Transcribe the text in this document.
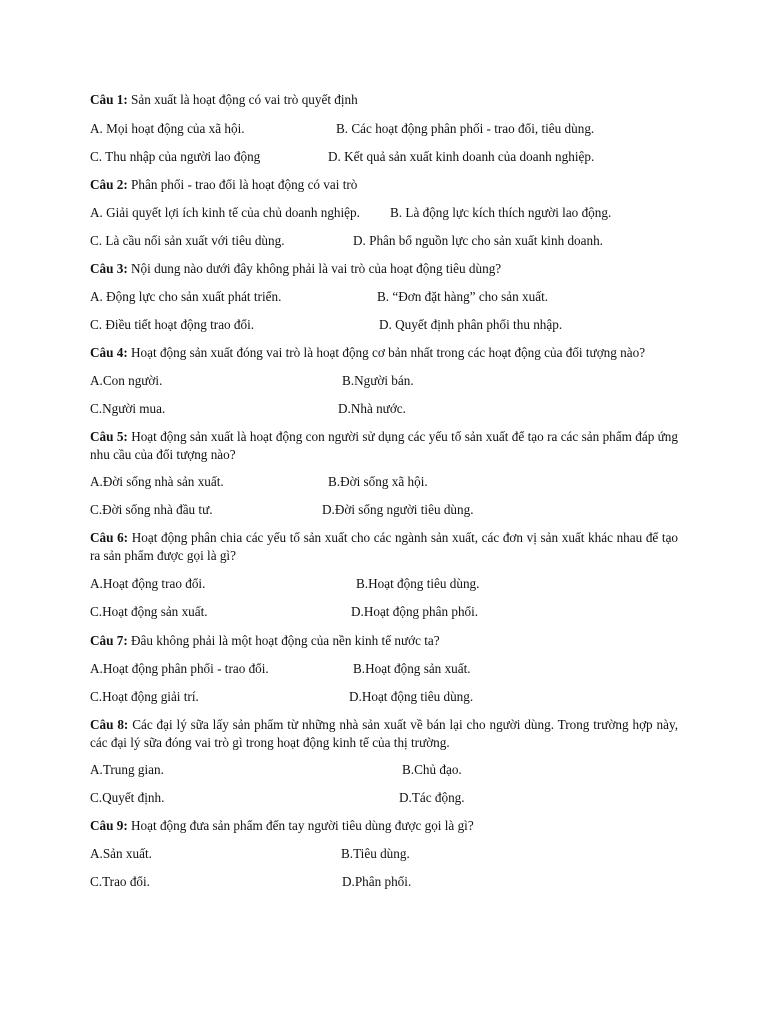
Câu 1: Sản xuất là hoạt động có vai trò quyết định
A. Mọi hoạt động của xã hội.	B. Các hoạt động phân phối - trao đổi, tiêu dùng.
C. Thu nhập của người lao động	D. Kết quả sản xuất kinh doanh của doanh nghiệp.
Câu 2: Phân phối - trao đổi là hoạt động có vai trò
A. Giải quyết lợi ích kinh tế của chủ doanh nghiệp. B. Là động lực kích thích người lao động.
C. Là cầu nối sản xuất với tiêu dùng.	D. Phân bổ nguồn lực cho sản xuất kinh doanh.
Câu 3: Nội dung nào dưới đây không phải là vai trò của hoạt động tiêu dùng?
A. Động lực cho sản xuất phát triển.	B. “Đơn đặt hàng” cho sản xuất.
C. Điều tiết hoạt động trao đổi.	D. Quyết định phân phối thu nhập.
Câu 4: Hoạt động sản xuất đóng vai trò là hoạt động cơ bản nhất trong các hoạt động của đối tượng nào?
A.Con người.	B.Người bán.
C.Người mua.	D.Nhà nước.
Câu 5: Hoạt động sản xuất là hoạt động con người sử dụng các yếu tố sản xuất để tạo ra các sản phẩm đáp ứng nhu cầu của đối tượng nào?
A.Đời sống nhà sản xuất.	B.Đời sống xã hội.
C.Đời sống nhà đầu tư.	D.Đời sống người tiêu dùng.
Câu 6: Hoạt động phân chia các yếu tố sản xuất cho các ngành sản xuất, các đơn vị sản xuất khác nhau để tạo ra sản phẩm được gọi là gì?
A.Hoạt động trao đổi.	B.Hoạt động tiêu dùng.
C.Hoạt động sản xuất.	D.Hoạt động phân phối.
Câu 7: Đâu không phải là một hoạt động của nền kinh tế nước ta?
A.Hoạt động phân phối - trao đổi.	B.Hoạt động sản xuất.
C.Hoạt động giải trí.	D.Hoạt động tiêu dùng.
Câu 8: Các đại lý sữa lấy sản phẩm từ những nhà sản xuất về bán lại cho người dùng. Trong trường hợp này, các đại lý sữa đóng vai trò gì trong hoạt động kinh tế của thị trường.
A.Trung gian.	B.Chủ đạo.
C.Quyết định.	D.Tác động.
Câu 9: Hoạt động đưa sản phẩm đến tay người tiêu dùng được gọi là gì?
A.Sản xuất.	B.Tiêu dùng.
C.Trao đổi.	D.Phân phối.
